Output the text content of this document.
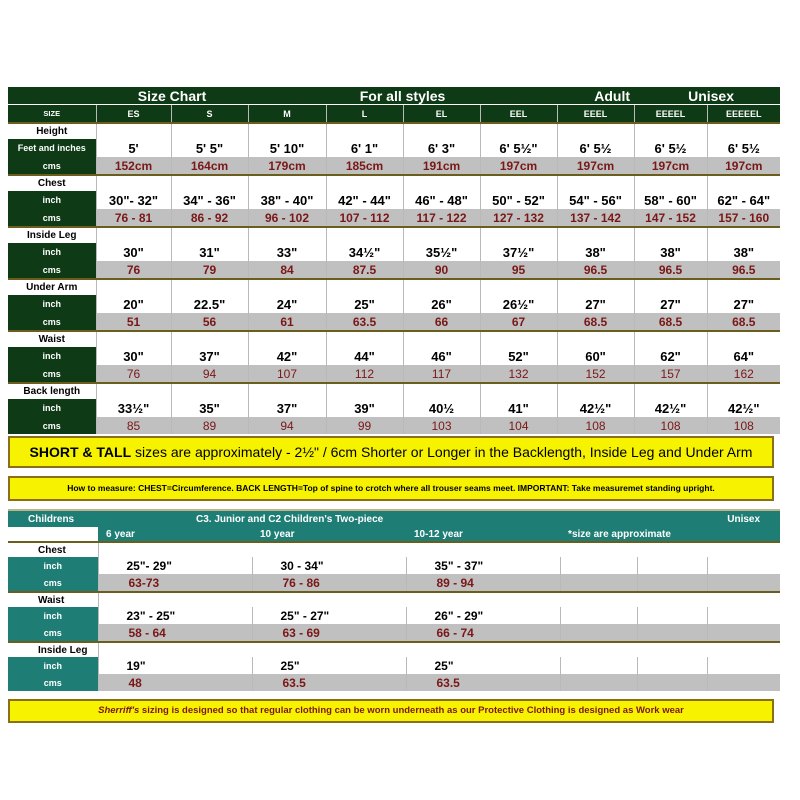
	Size Chart		For all styles				Adult	Unisex	
SIZE	ES	S	M	L	EL	EEL	EEEL	EEEEL	EEEEEL
Height									
Feet and inches	5'	5' 5"	5' 10"	6' 1"	6' 3"	6' 5½"	6' 5½	6' 5½	6' 5½
cms	152cm	164cm	179cm	185cm	191cm	197cm	197cm	197cm	197cm
Chest									
inch	30"- 32"	34" - 36"	38" - 40"	42" - 44"	46" - 48"	50" - 52"	54" - 56"	58" - 60"	62" - 64"
cms	76 - 81	86 - 92	96 - 102	107 - 112	117 - 122	127 - 132	137 - 142	147 - 152	157 - 160
Inside Leg									
inch	30"	31"	33"	34½"	35½"	37½"	38"	38"	38"
cms	76	79	84	87.5	90	95	96.5	96.5	96.5
Under Arm									
inch	20"	22.5"	24"	25"	26"	26½"	27"	27"	27"
cms	51	56	61	63.5	66	67	68.5	68.5	68.5
Waist									
inch	30"	37"	42"	44"	46"	52"	60"	62"	64"
cms	76	94	107	112	117	132	152	157	162
Back length									
inch	33½"	35"	37"	39"	40½	41"	42½"	42½"	42½"
cms	85	89	94	99	103	104	108	108	108
SHORT & TALL sizes are approximately - 2½" / 6cm Shorter or Longer in the Backlength, Inside Leg and Under Arm
How to measure: CHEST=Circumference. BACK LENGTH=Top of spine to crotch where all trouser seams meet. IMPORTANT: Take measuremet standing upright.
Childrens	C3. Junior and C2 Children's Two-piece			Unisex		
	6 year	10 year	10-12 year	*size are approximate		
Chest						
inch	25"- 29"	30 - 34"	35" - 37"			
cms	63-73	76 - 86	89 - 94			
Waist						
inch	23" - 25"	25" - 27"	26" - 29"			
cms	58 - 64	63 - 69	66 - 74			
Inside Leg						
inch	19"	25"	25"			
cms	48	63.5	63.5			
Sherriff's sizing is designed so that regular clothing can be worn underneath as our Protective Clothing is designed as Work wear
